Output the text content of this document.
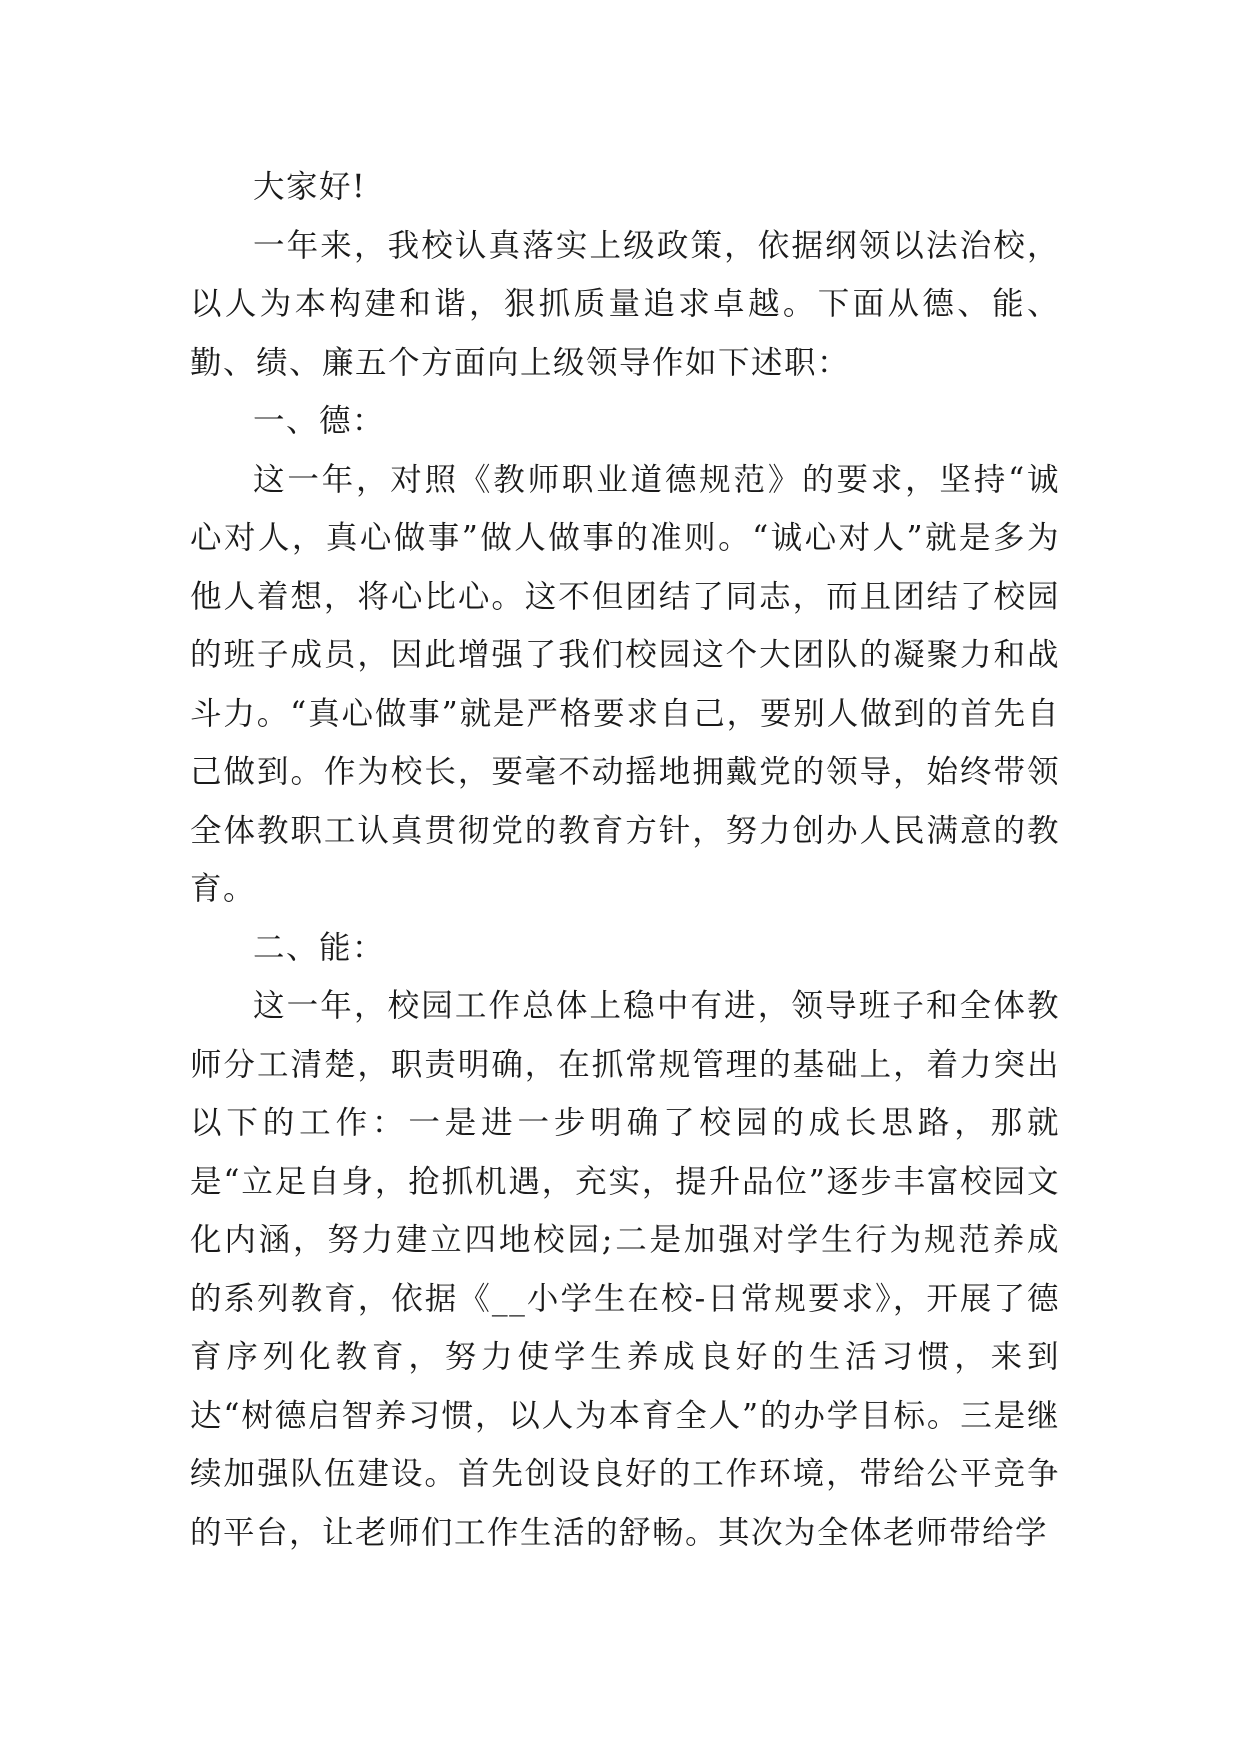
大家好!

一年来，我校认真落实上级政策，依据纲领以法治校，以人为本构建和谐，狠抓质量追求卓越。下面从德、能、勤、绩、廉五个方面向上级领导作如下述职：

一、德：

这一年，对照《教师职业道德规范》的要求，坚持“诚心对人，真心做事”做人做事的准则。“诚心对人”就是多为他人着想，将心比心。这不但团结了同志，而且团结了校园的班子成员，因此增强了我们校园这个大团队的凝聚力和战斗力。“真心做事”就是严格要求自己，要别人做到的首先自己做到。作为校长，要毫不动摇地拥戴党的领导，始终带领全体教职工认真贯彻党的教育方针，努力创办人民满意的教育。

二、能：

这一年，校园工作总体上稳中有进，领导班子和全体教师分工清楚，职责明确，在抓常规管理的基础上，着力突出以下的工作：一是进一步明确了校园的成长思路，那就是“立足自身，抢抓机遇，充实，提升品位”逐步丰富校园文化内涵，努力建立四地校园;二是加强对学生行为规范养成的系列教育，依据《__小学生在校-日常规要求》，开展了德育序列化教育，努力使学生养成良好的生活习惯，来到达“树德启智养习惯，以人为本育全人”的办学目标。三是继续加强队伍建设。首先创设良好的工作环境，带给公平竞争的平台，让老师们工作生活的舒畅。其次为全体老师带给学
